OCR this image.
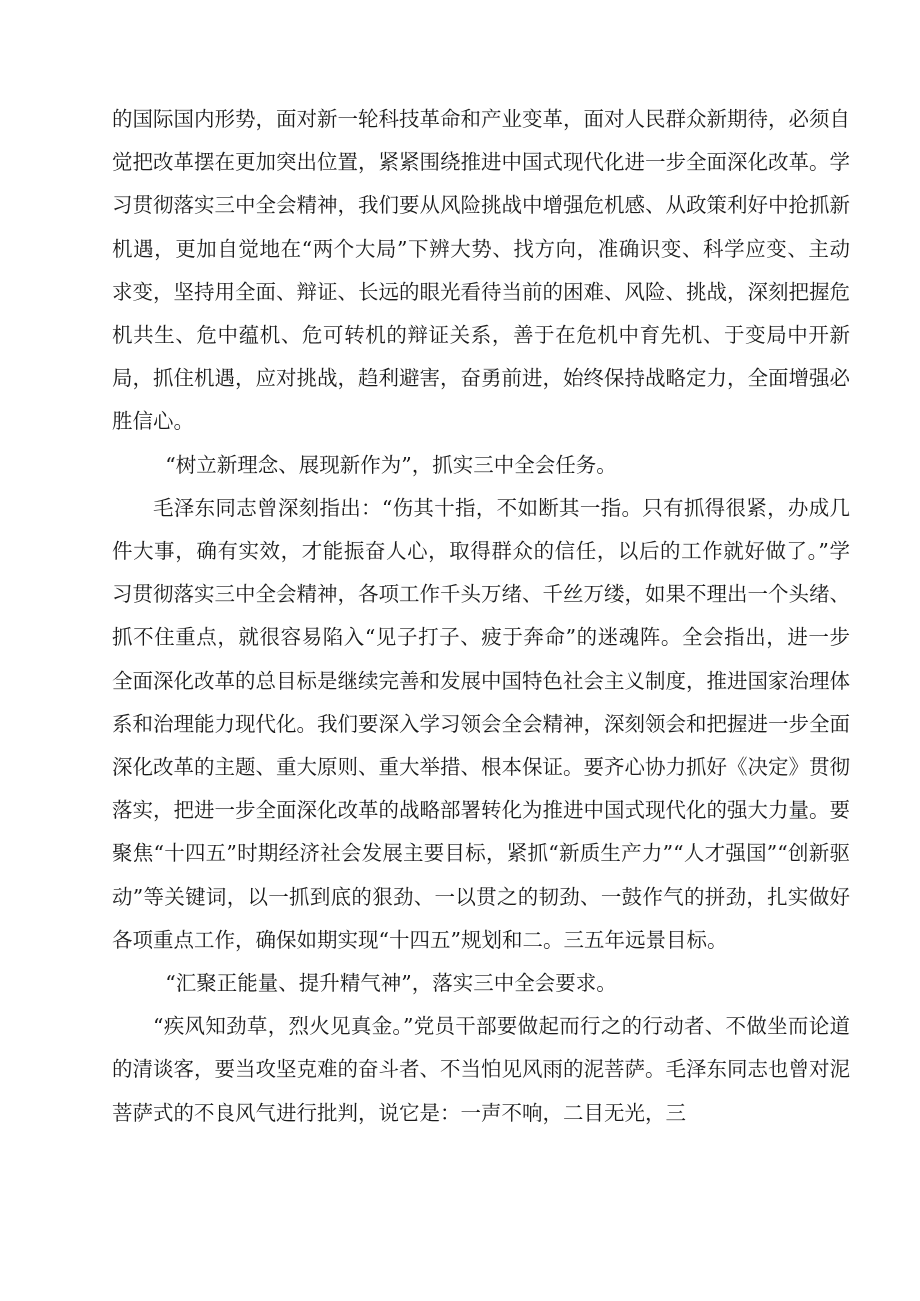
的国际国内形势，面对新一轮科技革命和产业变革，面对人民群众新期待，必须自觉把改革摆在更加突出位置，紧紧围绕推进中国式现代化进一步全面深化改革。学习贯彻落实三中全会精神，我们要从风险挑战中增强危机感、从政策利好中抢抓新机遇，更加自觉地在“两个大局”下辨大势、找方向，准确识变、科学应变、主动求变，坚持用全面、辩证、长远的眼光看待当前的困难、风险、挑战，深刻把握危机共生、危中蕴机、危可转机的辩证关系，善于在危机中育先机、于变局中开新局，抓住机遇，应对挑战，趋利避害，奋勇前进，始终保持战略定力，全面增强必胜信心。

“树立新理念、展现新作为”，抓实三中全会任务。

毛泽东同志曾深刻指出：“伤其十指，不如断其一指。只有抓得很紧，办成几件大事，确有实效，才能振奋人心，取得群众的信任，以后的工作就好做了。”学习贯彻落实三中全会精神，各项工作千头万绪、千丝万缕，如果不理出一个头绪、抓不住重点，就很容易陷入“见子打子、疲于奔命”的迷魂阵。全会指出，进一步全面深化改革的总目标是继续完善和发展中国特色社会主义制度，推进国家治理体系和治理能力现代化。我们要深入学习领会全会精神，深刻领会和把握进一步全面深化改革的主题、重大原则、重大举措、根本保证。要齐心协力抓好《决定》贯彻落实，把进一步全面深化改革的战略部署转化为推进中国式现代化的强大力量。要聚焦“十四五”时期经济社会发展主要目标，紧抓“新质生产力”“人才强国”“创新驱动”等关键词，以一抓到底的狠劲、一以贯之的韧劲、一鼓作气的拼劲，扎实做好各项重点工作，确保如期实现“十四五”规划和二。三五年远景目标。

“汇聚正能量、提升精气神”，落实三中全会要求。

“疾风知劲草，烈火见真金。”党员干部要做起而行之的行动者、不做坐而论道的清谈客，要当攻坚克难的奋斗者、不当怕见风雨的泥菩萨。毛泽东同志也曾对泥菩萨式的不良风气进行批判，说它是：一声不响，二目无光，三
